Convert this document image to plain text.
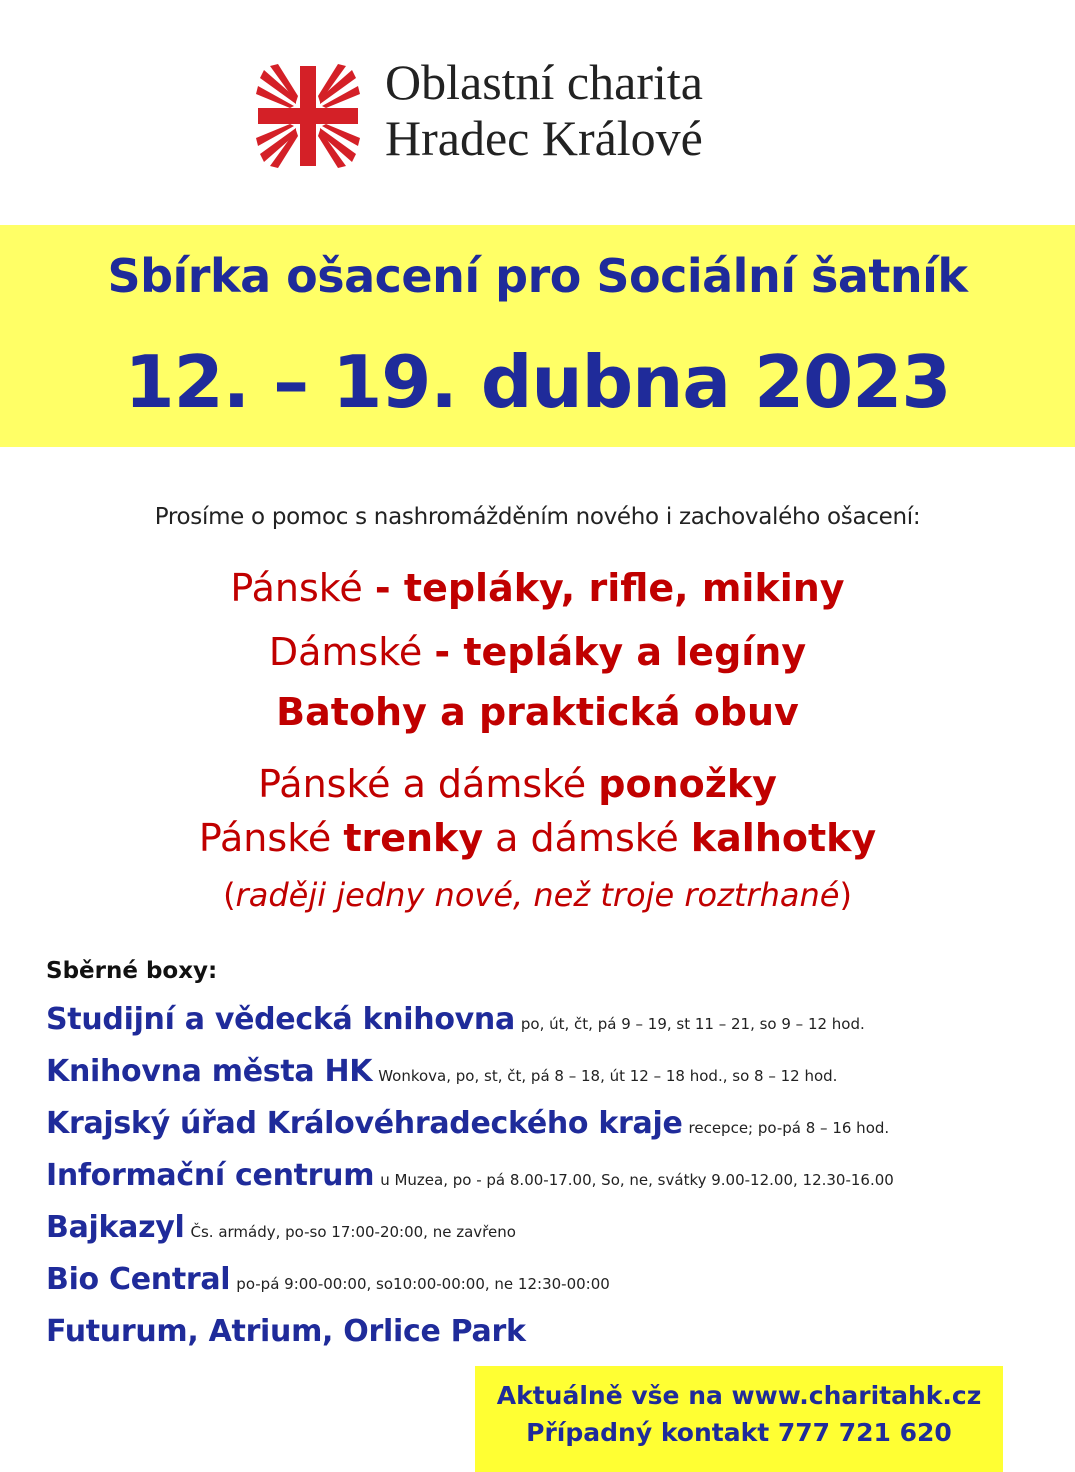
Oblastní charita
Hradec Králové
Sbírka ošacení pro Sociální šatník
12. – 19. dubna 2023
Prosíme o pomoc s nashromážděním nového i zachovalého ošacení:
Pánské - tepláky, rifle, mikiny
Dámské - tepláky a legíny
Batohy a praktická obuv
Pánské a dámské ponožky
Pánské trenky a dámské kalhotky
(raději jedny nové, než troje roztrhané)
Sběrné boxy:
Studijní a vědecká knihovna po, út, čt, pá 9 – 19, st 11 – 21, so 9 – 12 hod.
Knihovna města HK Wonkova, po, st, čt, pá 8 – 18, út 12 – 18 hod., so 8 – 12 hod.
Krajský úřad Královéhradeckého kraje recepce; po-pá 8 – 16 hod.
Informační centrum u Muzea, po - pá 8.00-17.00, So, ne, svátky 9.00-12.00, 12.30-16.00
Bajkazyl Čs. armády, po-so 17:00-20:00, ne zavřeno
Bio Central po-pá 9:00-00:00, so10:00-00:00, ne 12:30-00:00
Futurum, Atrium, Orlice Park
Aktuálně vše na www.charitahk.cz
Případný kontakt 777 721 620
